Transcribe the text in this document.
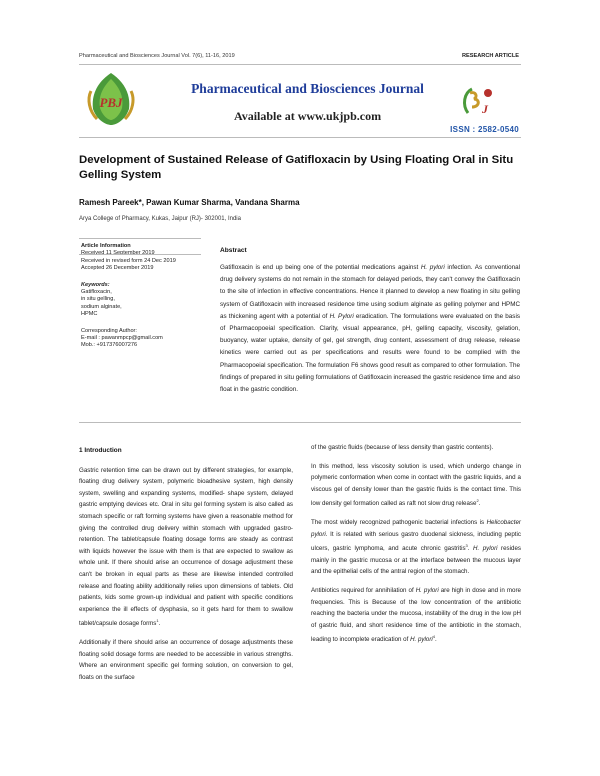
Pharmaceutical and Biosciences Journal Vol. 7(6), 11-16, 2019	RESEARCH ARTICLE
PBJ
Pharmaceutical and Biosciences Journal
Available at www.ukjpb.com	J
ISSN : 2582-0540
Development of Sustained Release of Gatifloxacin by Using Floating Oral in Situ Gelling System
Ramesh Pareek*, Pawan Kumar Sharma, Vandana Sharma
Arya College of Pharmacy, Kukas, Jaipur (RJ)- 302001, India
Article Information
Received in revised form 24 Dec 2019
Accepted 26 December 2019
Keywords:
Gatifloxacin,
in situ gelling,
sodium alginate,
HPMC
Corresponding Author:
E-mail : pawanmpcp@gmail.com
Mob.: +917376007276
Abstract
Gatifloxacin is end up being one of the potential medications against H. pylori infection. As conventional drug delivery systems do not remain in the stomach for delayed periods, they can't convey the Gatifloxacin to the site of infection in effective concentrations. Hence it planned to develop a new floating in situ gelling system of Gatifloxacin with increased residence time using sodium alginate as gelling polymer and HPMC as thickening agent with a potential of H. Pylori eradication. The formulations were evaluated on the basis of Pharmacopoeial specification. Clarity, visual appearance, pH, gelling capacity, viscosity, gelation, buoyancy, water uptake, density of gel, gel strength, drug content, assessment of drug release, release kinetics were carried out as per specifications and results were found to be complied with the Pharmacopoeial specification. The formulation F6 shows good result as compared to other formulation. The findings of prepared in situ gelling formulations of Gatifloxacin increased the gastric residence time and also float in the gastric condition.
1 Introduction

Gastric retention time can be drawn out by different strategies, for example, floating drug delivery system, polymeric bioadhesive system, high density system, swelling and expanding systems, modified- shape system, delayed gastric emptying devices etc. Oral in situ gel forming system is also called as stomach specific or raft forming systems have given a reasonable method for giving the controlled drug delivery within stomach with upgraded gastro-retention. The tablet/capsule floating dosage forms are steady as contrast with liquids however the issue with them is that are expected to swallow as whole unit. If there should arise an occurrence of dosage adjustment these can't be broken in equal parts as these are likewise intended controlled release and floating ability additionally relies upon dimensions of tablets. Old patients, kids some grown-up individual and patient with specific conditions experience the ill effects of dysphasia, so it gets hard for them to swallow tablet/capsule dosage forms$^1$.

Additionally if there should arise an occurrence of dosage adjustments these floating solid dosage forms are needed to be accessible in various strengths. Where an environment specific gel forming solution, on conversion to gel, floats on the surface

of the gastric fluids (because of less density than gastric contents).

In this method, less viscosity solution is used, which undergo change in polymeric conformation when come in contact with the gastric liquids, and a viscous gel of density lower than the gastric fluids is the contact time. This low density gel formation called as raft not slow drug release$^2$.

The most widely recognized pathogenic bacterial infections is Helicobacter pylori. It is related with serious gastro duodenal sickness, including peptic ulcers, gastric lymphoma, and acute chronic gastritis$^3$. H. pylori resides mainly in the gastric mucosa or at the interface between the mucous layer and the epithelial cells of the antral region of the stomach.

Antibiotics required for annihilation of H. pylori are high in dose and in more frequencies. This is Because of the low concentration of the antibiotic reaching the bacteria under the mucosa, instability of the drug in the low pH of gastric fluid, and short residence time of the antibiotic in the stomach, leading to incomplete eradication of H. pylori$^4$.
